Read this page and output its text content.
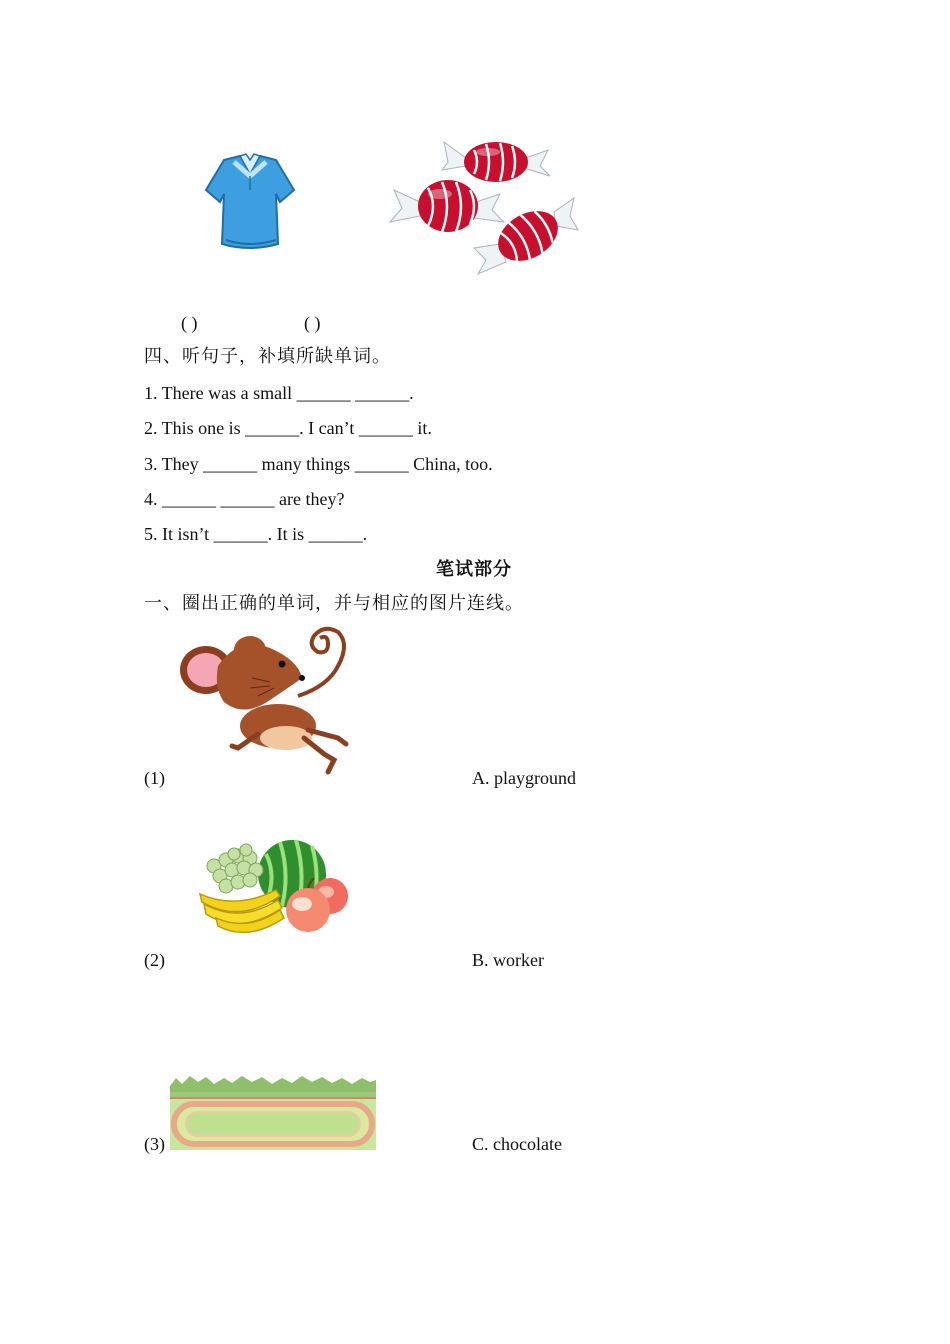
( )	( )
四、听句子，补填所缺单词。
1. There was a small ______ ______.
2. This one is ______. I can’t ______ it.
3. They ______ many things ______ China, too.
4. ______ ______ are they?
5. It isn’t ______. It is ______.
笔试部分
一、圈出正确的单词，并与相应的图片连线。
(1)	A. playground
(2)	B. worker
(3)	C. chocolate
